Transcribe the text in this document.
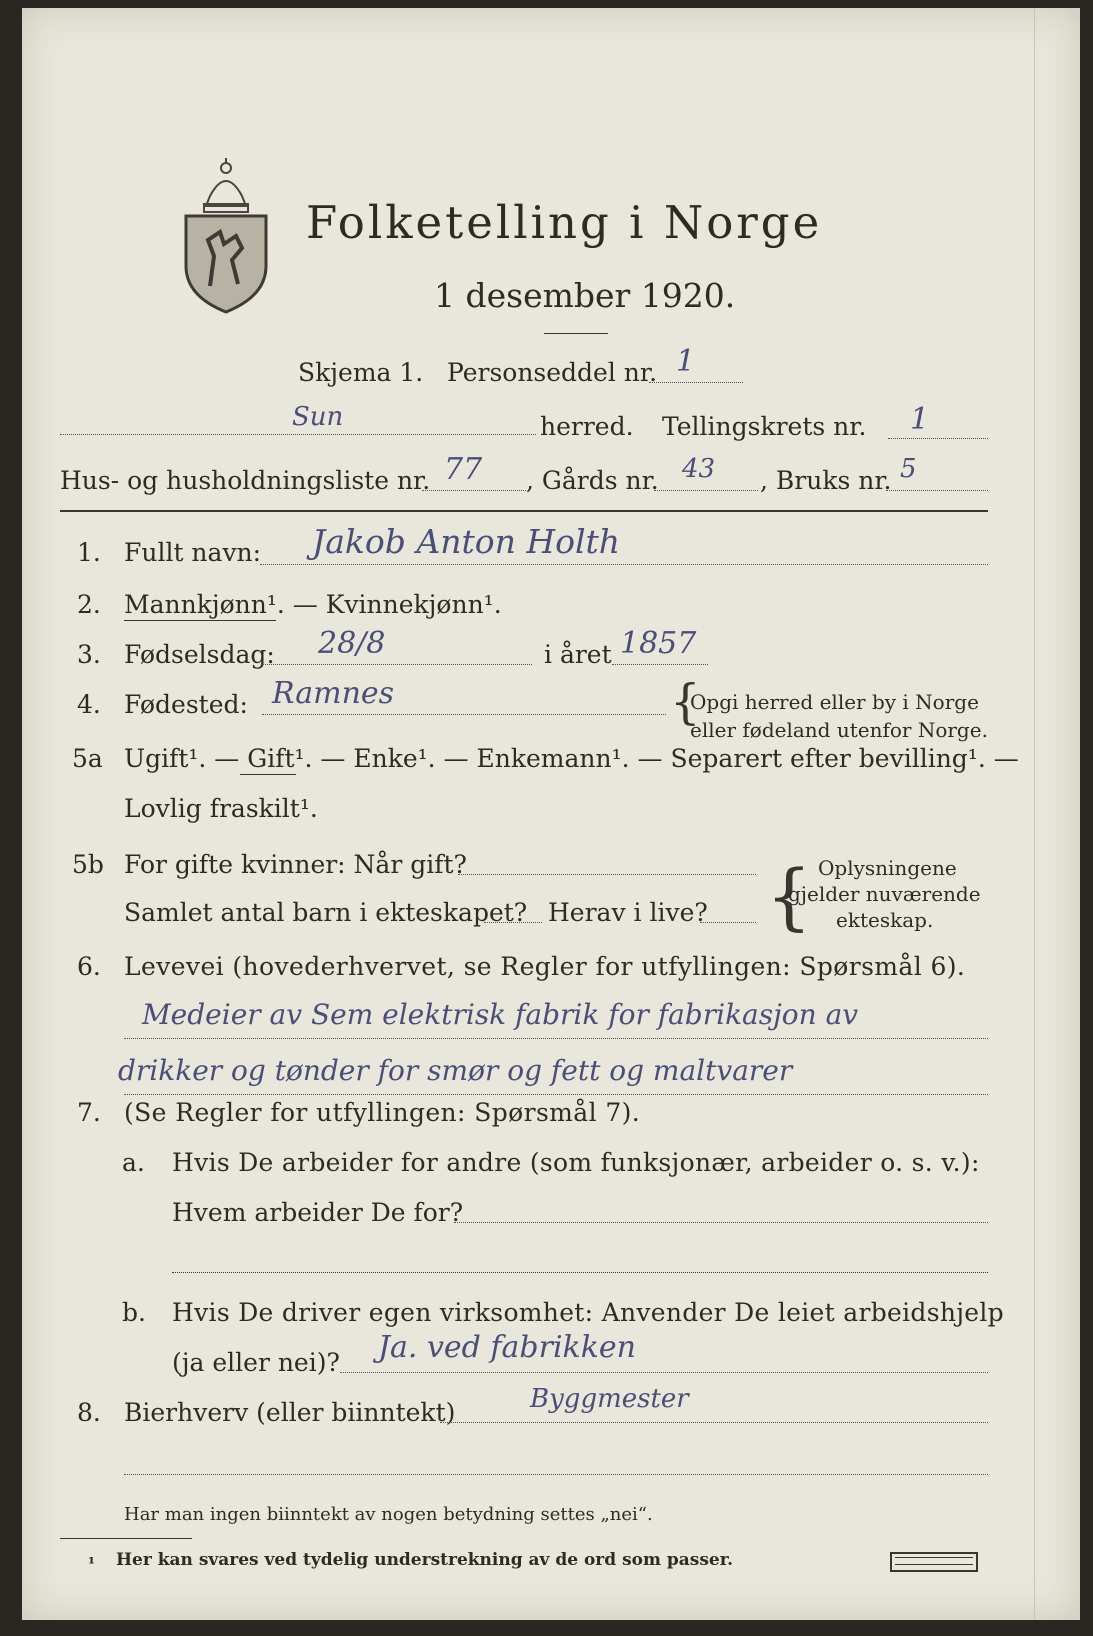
Folketelling i Norge
1 desember 1920.
Skjema 1. Personseddel nr. 1
Sun	herred. Tellingskrets nr. 1
Hus- og husholdningsliste nr. 77 , Gårds nr. 43 , Bruks nr. 5
1. Fullt navn: Jakob Anton Holth
2. Mannkjønn¹. — Kvinnekjønn¹.
3. Fødselsdag: 28/8	i året 1857
4. Fødested: Ramnes	{
Opgi herred eller by i Norge
eller fødeland utenfor Norge.
5a Ugift¹. — Gift¹. — Enke¹. — Enkemann¹. — Separert efter bevilling¹. —
Lovlig fraskilt¹.
5b For gifte kvinner: Når gift?
Samlet antal barn i ekteskapet? Herav i live? { Oplysningene
gjelder nuværende
ekteskap.
6. Levevei (hovederhvervet, se Regler for utfyllingen: Spørsmål 6).
Medeier av Sem elektrisk fabrik for fabrikasjon av
drikker og tønder for smør og fett og maltvarer
7. (Se Regler for utfyllingen: Spørsmål 7).
a. Hvis De arbeider for andre (som funksjonær, arbeider o. s. v.):
Hvem arbeider De for?
b. Hvis De driver egen virksomhet: Anvender De leiet arbeidshjelp
(ja eller nei)? Ja. ved fabrikken
8. Bierhverv (eller biinntekt)	Byggmester
Har man ingen biinntekt av nogen betydning settes „nei“.
¹ Her kan svares ved tydelig understrekning av de ord som passer.
